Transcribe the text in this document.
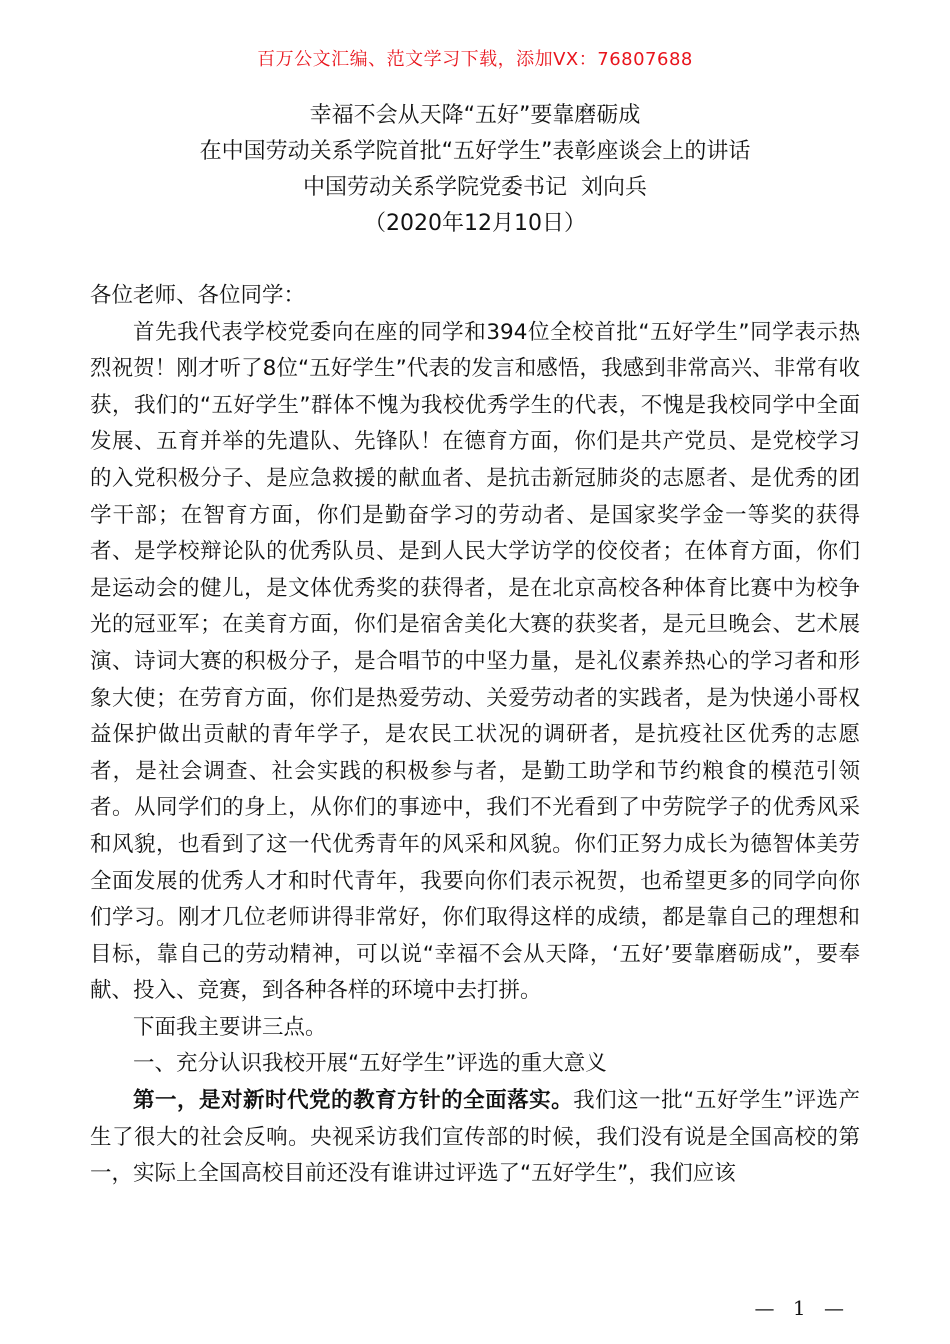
百万公文汇编、范文学习下载，添加VX：76807688
幸福不会从天降“五好”要靠磨砺成
在中国劳动关系学院首批“五好学生”表彰座谈会上的讲话
中国劳动关系学院党委书记  刘向兵
（2020年12月10日）

各位老师、各位同学：

首先我代表学校党委向在座的同学和394位全校首批“五好学生”同学表示热烈祝贺！刚才听了8位“五好学生”代表的发言和感悟，我感到非常高兴、非常有收获，我们的“五好学生”群体不愧为我校优秀学生的代表，不愧是我校同学中全面发展、五育并举的先遣队、先锋队！在德育方面，你们是共产党员、是党校学习的入党积极分子、是应急救援的献血者、是抗击新冠肺炎的志愿者、是优秀的团学干部；在智育方面，你们是勤奋学习的劳动者、是国家奖学金一等奖的获得者、是学校辩论队的优秀队员、是到人民大学访学的佼佼者；在体育方面，你们是运动会的健儿，是文体优秀奖的获得者，是在北京高校各种体育比赛中为校争光的冠亚军；在美育方面，你们是宿舍美化大赛的获奖者，是元旦晚会、艺术展演、诗词大赛的积极分子，是合唱节的中坚力量，是礼仪素养热心的学习者和形象大使；在劳育方面，你们是热爱劳动、关爱劳动者的实践者，是为快递小哥权益保护做出贡献的青年学子，是农民工状况的调研者，是抗疫社区优秀的志愿者，是社会调查、社会实践的积极参与者，是勤工助学和节约粮食的模范引领者。从同学们的身上，从你们的事迹中，我们不光看到了中劳院学子的优秀风采和风貌，也看到了这一代优秀青年的风采和风貌。你们正努力成长为德智体美劳全面发展的优秀人才和时代青年，我要向你们表示祝贺，也希望更多的同学向你们学习。刚才几位老师讲得非常好，你们取得这样的成绩，都是靠自己的理想和目标，靠自己的劳动精神，可以说“幸福不会从天降，‘五好’要靠磨砺成”，要奉献、投入、竞赛，到各种各样的环境中去打拼。

下面我主要讲三点。

一、充分认识我校开展“五好学生”评选的重大意义

第一，是对新时代党的教育方针的全面落实。我们这一批“五好学生”评选产生了很大的社会反响。央视采访我们宣传部的时候，我们没有说是全国高校的第一，实际上全国高校目前还没有谁讲过评选了“五好学生”，我们应该

— 1 —
